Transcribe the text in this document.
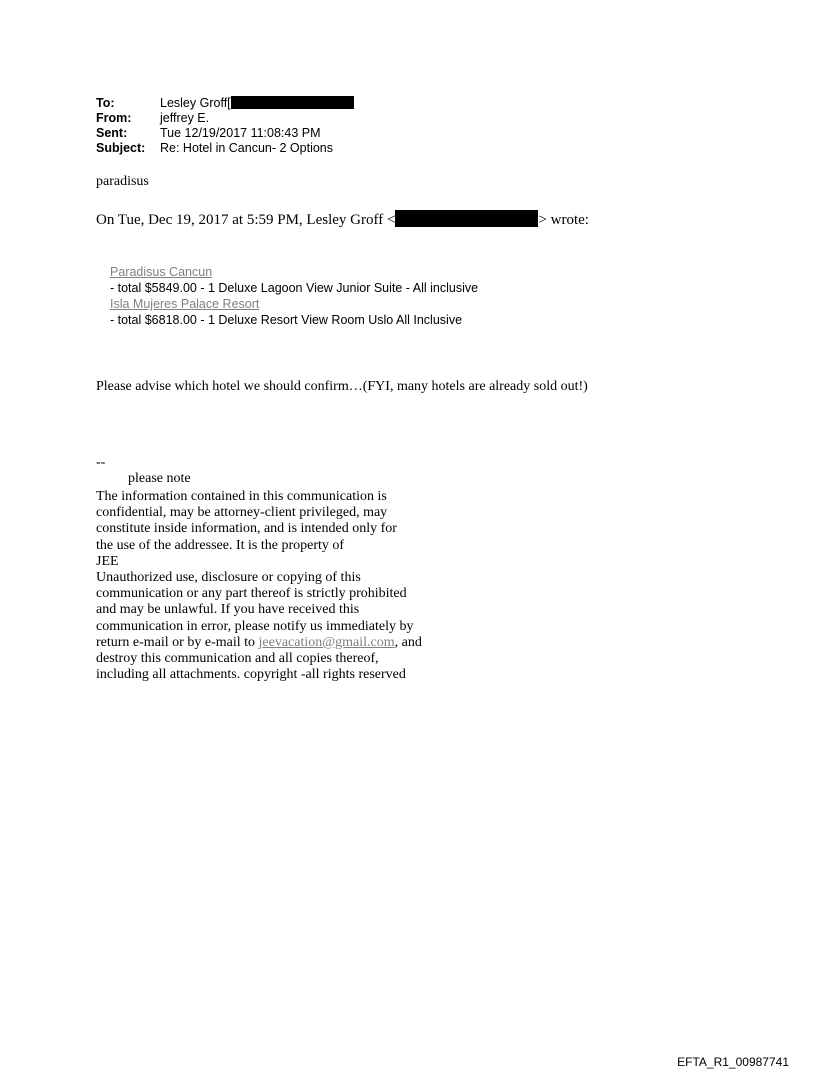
To:	Lesley Groff[
From:	jeffrey E.
Sent:	Tue 12/19/2017 11:08:43 PM
Subject:	Re: Hotel in Cancun- 2 Options
paradisus
On Tue, Dec 19, 2017 at 5:59 PM, Lesley Groff <	> wrote:
Paradisus Cancun
- total $5849.00 - 1 Deluxe Lagoon View Junior Suite - All inclusive
Isla Mujeres Palace Resort
- total $6818.00 - 1 Deluxe Resort View Room Uslo All Inclusive
Please advise which hotel we should confirm…(FYI, many hotels are already sold out!)
--
please note
The information contained in this communication is
confidential, may be attorney-client privileged, may
constitute inside information, and is intended only for
the use of the addressee. It is the property of
JEE
Unauthorized use, disclosure or copying of this
communication or any part thereof is strictly prohibited
and may be unlawful. If you have received this
communication in error, please notify us immediately by
return e-mail or by e-mail to jeevacation@gmail.com, and
destroy this communication and all copies thereof,
including all attachments. copyright -all rights reserved
EFTA_R1_00987741
